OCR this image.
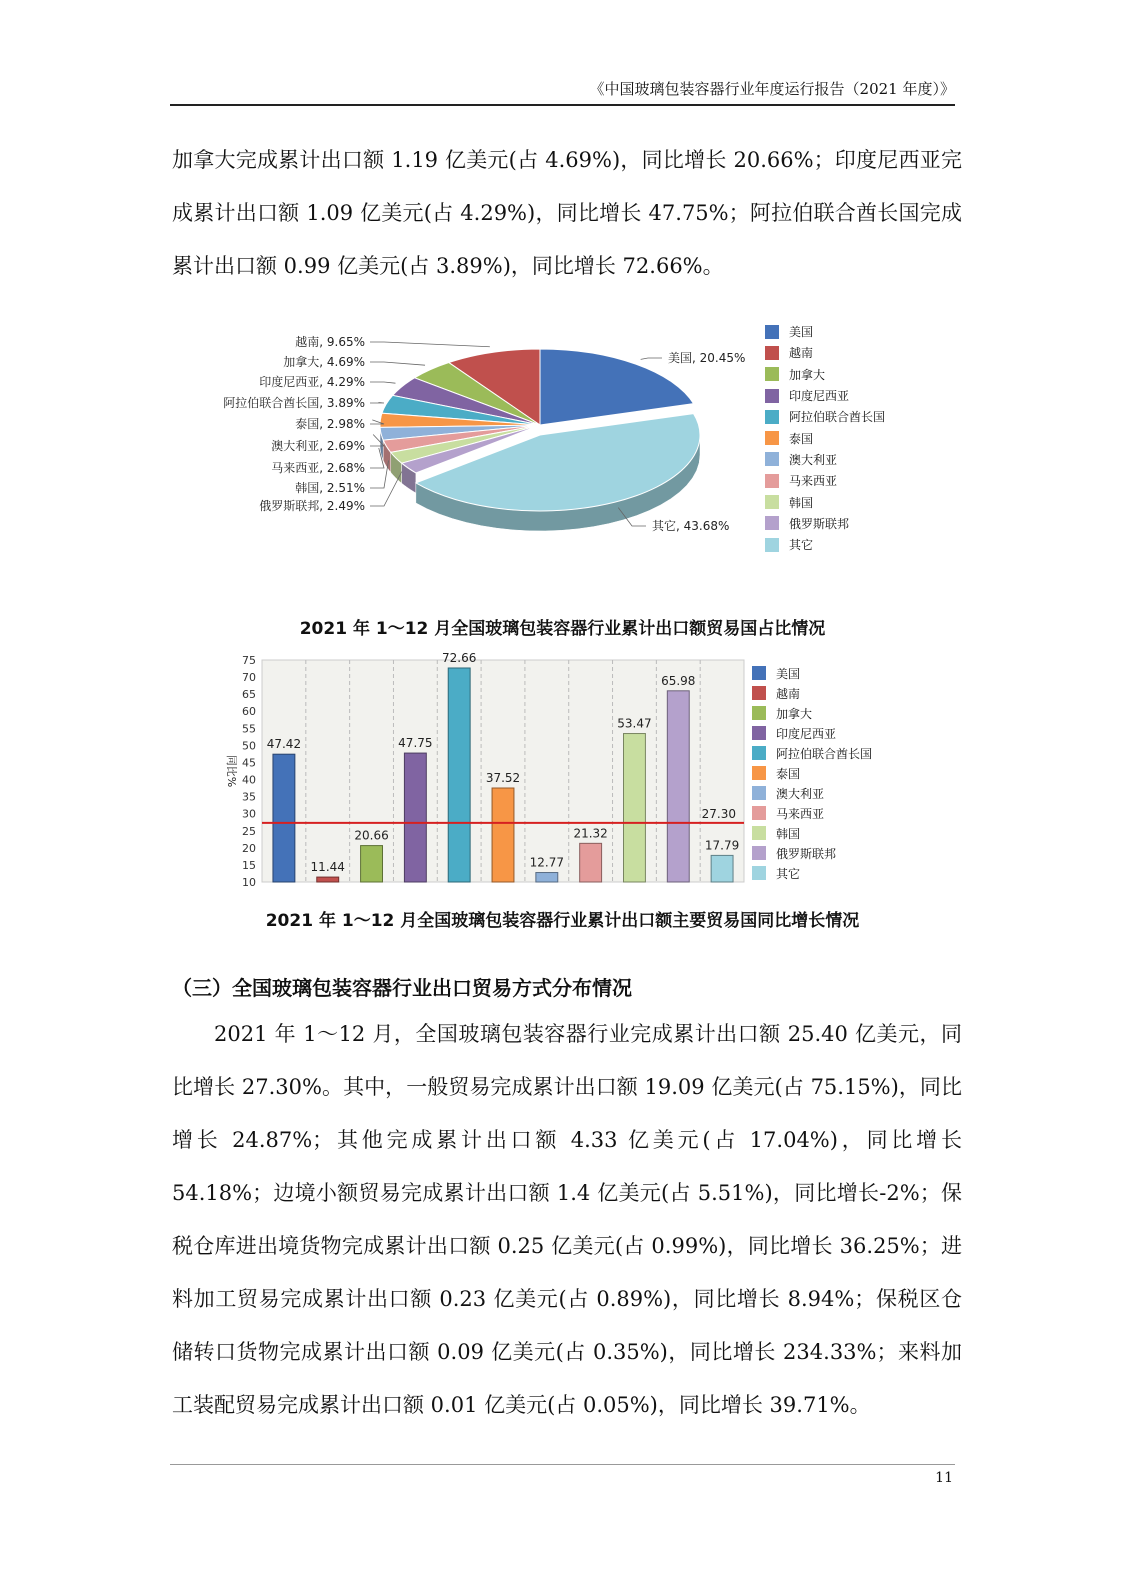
《中国玻璃包装容器行业年度运行报告（2021 年度）》
加拿大完成累计出口额 1.19 亿美元(占 4.69%)，同比增长 20.66%；印度尼西亚完成累计出口额 1.09 亿美元(占 4.29%)，同比增长 47.75%；阿拉伯联合酋长国完成累计出口额 0.99 亿美元(占 3.89%)，同比增长 72.66%。
美国, 20.45%
越南, 9.65%
加拿大, 4.69%
印度尼西亚, 4.29%
阿拉伯联合酋长国, 3.89%
泰国, 2.98%
澳大利亚, 2.69%
马来西亚, 2.68%
韩国, 2.51%
俄罗斯联邦, 2.49%
其它, 43.68%
美国
越南
加拿大
印度尼西亚
阿拉伯联合酋长国
泰国
澳大利亚
马来西亚
韩国
俄罗斯联邦
其它
2021 年 1～12 月全国玻璃包装容器行业累计出口额贸易国占比情况
10
15
20
25
30
35
40
45
50
55
60
65
70
75
47.42
11.44
20.66
47.75
72.66
37.52
12.77
21.32
53.47
65.98
17.79
27.30
同比%
美国
越南
加拿大
印度尼西亚
阿拉伯联合酋长国
泰国
澳大利亚
马来西亚
韩国
俄罗斯联邦
其它
2021 年 1～12 月全国玻璃包装容器行业累计出口额主要贸易国同比增长情况
（三）全国玻璃包装容器行业出口贸易方式分布情况
2021 年 1～12 月，全国玻璃包装容器行业完成累计出口额 25.40 亿美元，同比增长 27.30%。其中，一般贸易完成累计出口额 19.09 亿美元(占 75.15%)，同比增长 24.87%；其他完成累计出口额 4.33 亿美元(占 17.04%)，同比增长 54.18%；边境小额贸易完成累计出口额 1.4 亿美元(占 5.51%)，同比增长-2%；保税仓库进出境货物完成累计出口额 0.25 亿美元(占 0.99%)，同比增长 36.25%；进料加工贸易完成累计出口额 0.23 亿美元(占 0.89%)，同比增长 8.94%；保税区仓储转口货物完成累计出口额 0.09 亿美元(占 0.35%)，同比增长 234.33%；来料加工装配贸易完成累计出口额 0.01 亿美元(占 0.05%)，同比增长 39.71%。
11
